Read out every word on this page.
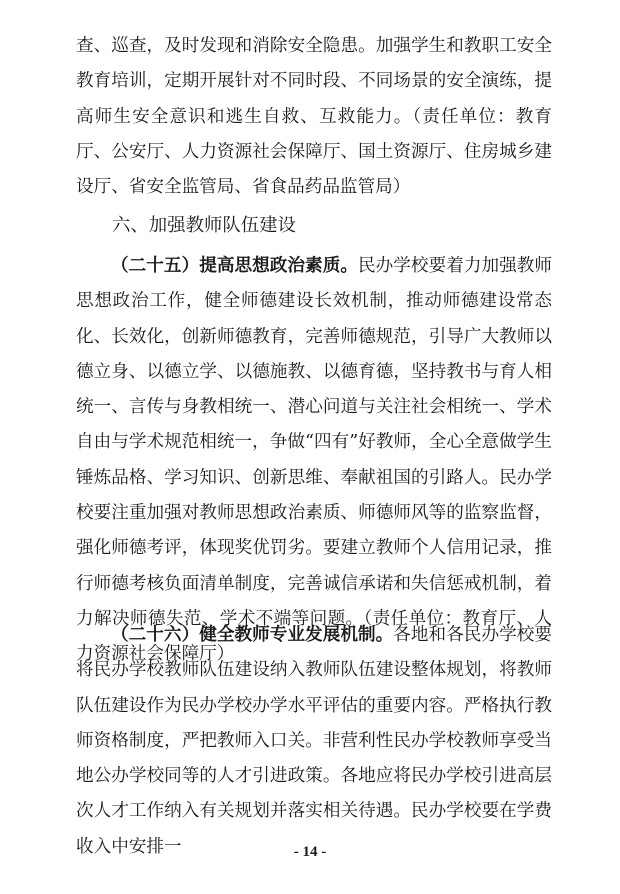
查、巡查，及时发现和消除安全隐患。加强学生和教职工安全教育培训，定期开展针对不同时段、不同场景的安全演练，提高师生安全意识和逃生自救、互救能力。（责任单位：教育厅、公安厅、人力资源社会保障厅、国土资源厅、住房城乡建设厅、省安全监管局、省食品药品监管局）
六、加强教师队伍建设
（二十五）提高思想政治素质。民办学校要着力加强教师思想政治工作，健全师德建设长效机制，推动师德建设常态化、长效化，创新师德教育，完善师德规范，引导广大教师以德立身、以德立学、以德施教、以德育德，坚持教书与育人相统一、言传与身教相统一、潜心问道与关注社会相统一、学术自由与学术规范相统一，争做“四有”好教师，全心全意做学生锤炼品格、学习知识、创新思维、奉献祖国的引路人。民办学校要注重加强对教师思想政治素质、师德师风等的监察监督，强化师德考评，体现奖优罚劣。要建立教师个人信用记录，推行师德考核负面清单制度，完善诚信承诺和失信惩戒机制，着力解决师德失范、学术不端等问题。（责任单位：教育厅、人力资源社会保障厅）
（二十六）健全教师专业发展机制。各地和各民办学校要将民办学校教师队伍建设纳入教师队伍建设整体规划，将教师队伍建设作为民办学校办学水平评估的重要内容。严格执行教师资格制度，严把教师入口关。非营利性民办学校教师享受当地公办学校同等的人才引进政策。各地应将民办学校引进高层次人才工作纳入有关规划并落实相关待遇。民办学校要在学费收入中安排一	- 14 -
